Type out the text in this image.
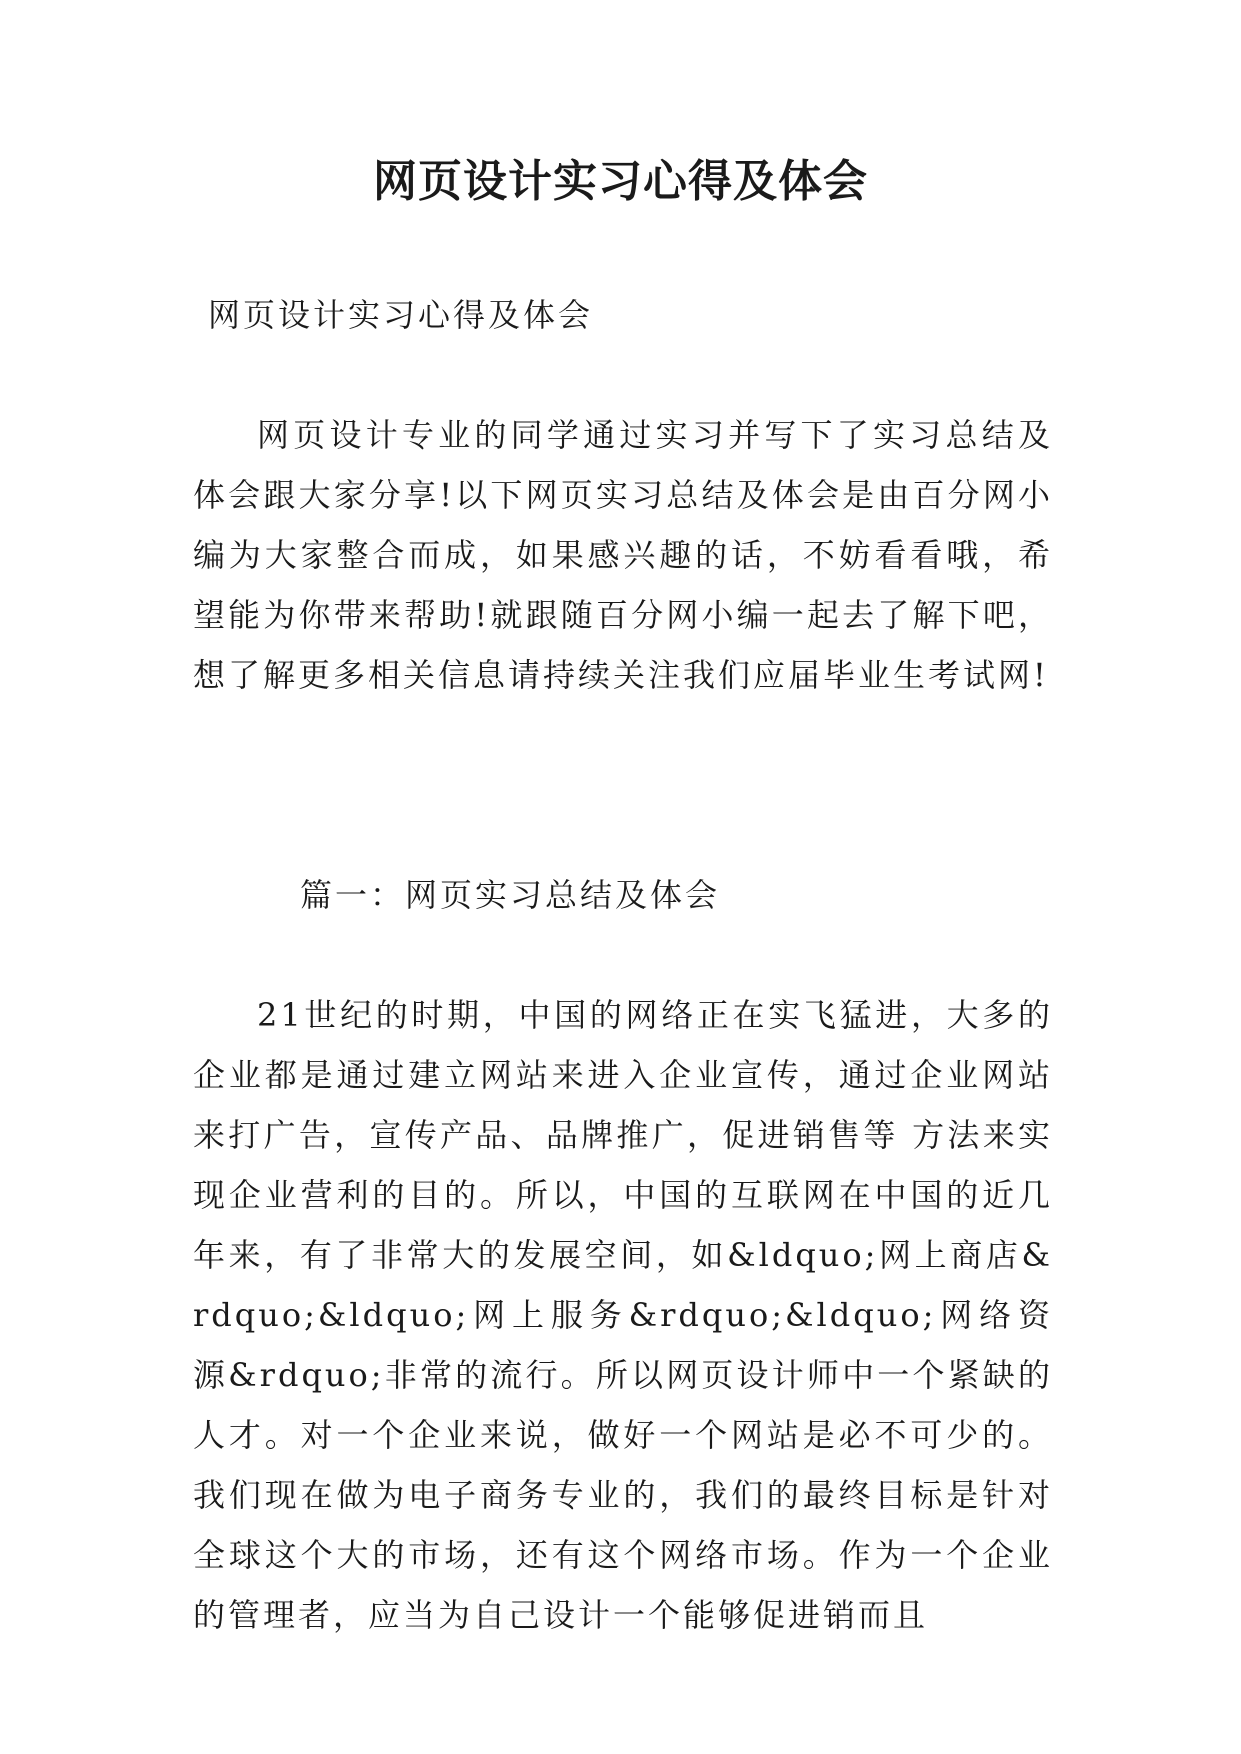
网页设计实习心得及体会

网页设计实习心得及体会

网页设计专业的同学通过实习并写下了实习总结及体会跟大家分享!以下网页实习总结及体会是由百分网小编为大家整合而成，如果感兴趣的话，不妨看看哦，希望能为你带来帮助!就跟随百分网小编一起去了解下吧，想了解更多相关信息请持续关注我们应届毕业生考试网!

篇一：网页实习总结及体会

21世纪的时期，中国的网络正在实飞猛进，大多的企业都是通过建立网站来进入企业宣传，通过企业网站来打广告，宣传产品、品牌推广，促进销售等 方法来实现企业营利的目的。所以，中国的互联网在中国的近几年来，有了非常大的发展空间，如&ldquo;网上商店&rdquo;&ldquo;网上服务&rdquo;&ldquo;网络资源&rdquo;非常的流行。所以网页设计师中一个紧缺的人才。对一个企业来说，做好一个网站是必不可少的。我们现在做为电子商务专业的，我们的最终目标是针对全球这个大的市场，还有这个网络市场。作为一个企业的管理者，应当为自己设计一个能够促进销而且
